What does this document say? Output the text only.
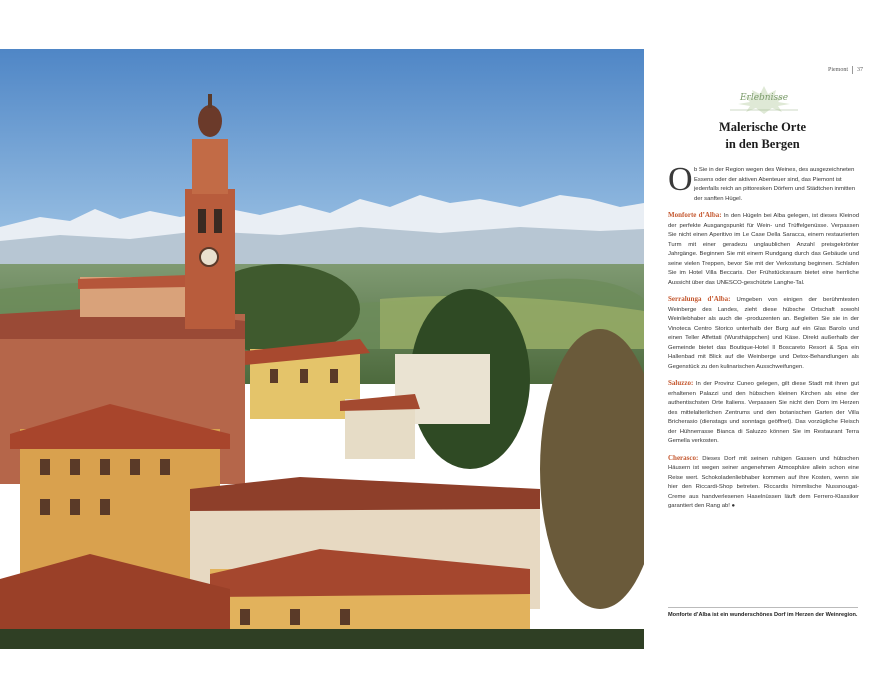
Piemont 37
Erlebnisse
Malerische Orte
in den Bergen

O b Sie in der Region wegen des Weines, des ausgezeichneten Essens oder der aktiven Abenteuer sind, das Piemont ist jedenfalls reich an pittoresken Dörfern und Städtchen inmitten der sanften Hügel.

Monforte d’Alba: In den Hügeln bei Alba gelegen, ist dieses Kleinod der perfekte Ausgangspunkt für Wein- und Trüffelgenüsse. Verpassen Sie nicht einen Aperitivo im Le Case Della Saracca, einem restaurierten Turm mit einer geradezu unglaublichen Anzahl preisgekrönter Jahrgänge. Beginnen Sie mit einem Rundgang durch das Gebäude und seine vielen Treppen, bevor Sie mit der Verkostung beginnen. Schlafen Sie im Hotel Villa Beccaris. Der Frühstücksraum bietet eine herrliche Aussicht über das UNESCO-geschützte Langhe-Tal.

Serralunga d’Alba: Umgeben von einigen der berühmtesten Weinberge des Landes, zieht diese hübsche Ortschaft sowohl Weinliebhaber als auch die -produzenten an. Begleiten Sie sie in der Vinoteca Centro Storico unterhalb der Burg auf ein Glas Barolo und einen Teller Affettati (Wursthäppchen) und Käse. Direkt außerhalb der Gemeinde bietet das Boutique-Hotel Il Boscareto Resort & Spa ein Hallenbad mit Blick auf die Weinberge und Detox-Behandlungen als Gegenstück zu den kulinarischen Ausschweifungen.

Saluzzo: In der Provinz Cuneo gelegen, gilt diese Stadt mit ihren gut erhaltenen Palazzi und den hübschen kleinen Kirchen als eine der authentischsten Orte Italiens. Verpassen Sie nicht den Dom im Herzen des mittelalterlichen Zentrums und den botanischen Garten der Villa Bricherasio (dienstags und sonntags geöffnet). Das vorzügliche Fleisch der Hühnerrasse Bianca di Saluzzo können Sie im Restaurant Terra Gemella verkosten.

Cherasco: Dieses Dorf mit seinen ruhigen Gassen und hübschen Häusern ist wegen seiner angenehmen Atmosphäre allein schon eine Reise wert. Schokoladenliebhaber kommen auf ihre Kosten, wenn sie hier den Riccardi-Shop betreten. Riccardis himmlische Nussnougat-Creme aus handverlesenen Haselnüssen läuft dem Ferrero-Klassiker garantiert den Rang ab! ●

Monforte d’Alba ist ein wunderschönes Dorf im Herzen der Weinregion.
